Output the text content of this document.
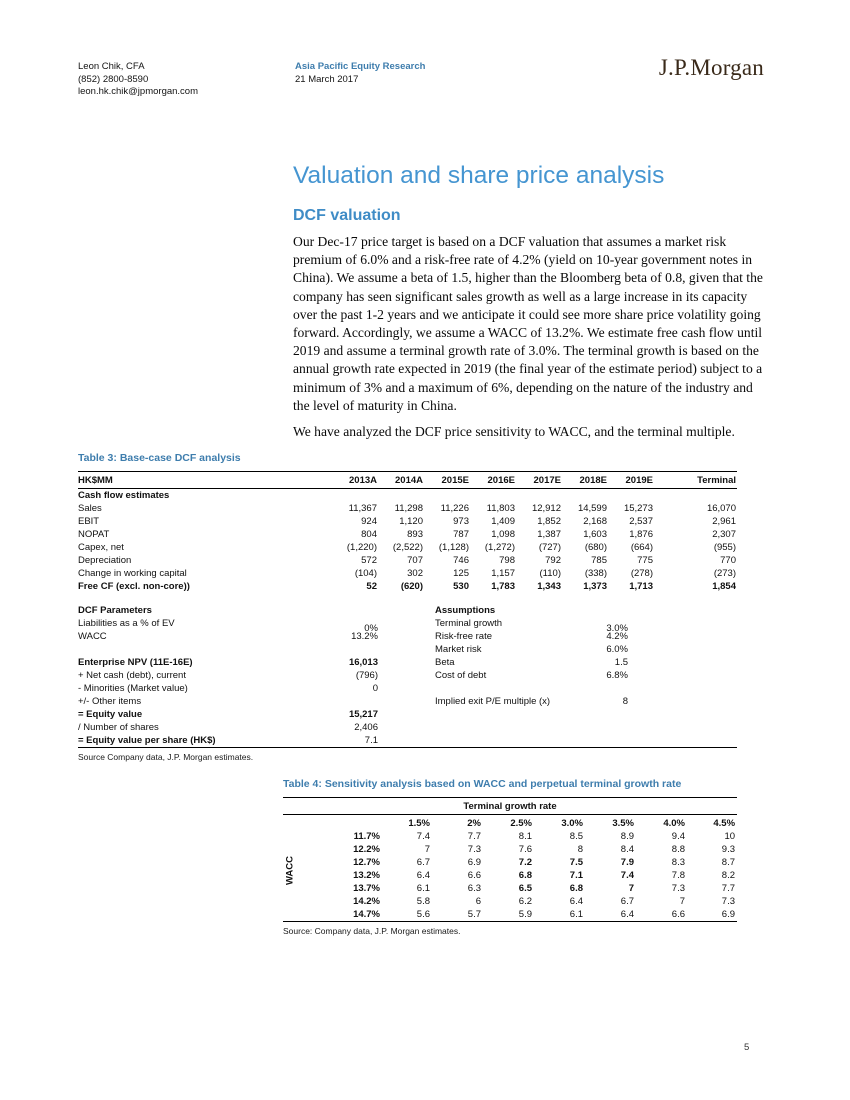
Leon Chik, CFA
(852) 2800-8590
leon.hk.chik@jpmorgan.com
Asia Pacific Equity Research
21 March 2017	J.P.Morgan
Valuation and share price analysis
DCF valuation

Our Dec-17 price target is based on a DCF valuation that assumes a market risk premium of 6.0% and a risk-free rate of 4.2% (yield on 10-year government notes in China). We assume a beta of 1.5, higher than the Bloomberg beta of 0.8, given that the company has seen significant sales growth as well as a large increase in its capacity over the past 1-2 years and we anticipate it could see more share price volatility going forward. Accordingly, we assume a WACC of 13.2%. We estimate free cash flow until 2019 and assume a terminal growth rate of 3.0%. The terminal growth is based on the annual growth rate expected in 2019 (the final year of the estimate period) subject to a minimum of 3% and a maximum of 6%, depending on the nature of the industry and the level of maturity in China.

We have analyzed the DCF price sensitivity to WACC, and the terminal multiple.

Table 3: Base-case DCF analysis
HK$MM	2013A	2014A	2015E	2016E	2017E	2018E	2019E	Terminal
Cash flow estimates								
Sales	11,367	11,298	11,226	11,803	12,912	14,599	15,273	16,070
EBIT	924	1,120	973	1,409	1,852	2,168	2,537	2,961
NOPAT	804	893	787	1,098	1,387	1,603	1,876	2,307
Capex, net	(1,220)	(2,522)	(1,128)	(1,272)	(727)	(680)	(664)	(955)
Depreciation	572	707	746	798	792	785	775	770
Change in working capital	(104)	302	125	1,157	(110)	(338)	(278)	(273)
Free CF (excl. non-core))	52	(620)	530	1,783	1,343	1,373	1,713	1,854
DCF Parameters			Assumptions		
Liabilities as a % of EV	0%		Terminal growth	3.0%	
WACC	13.2%		Risk-free rate	4.2%	
			Market risk	6.0%	
Enterprise NPV (11E-16E)	16,013		Beta	1.5	
+ Net cash (debt), current	(796)		Cost of debt	6.8%	
- Minorities (Market value)	0				
+/- Other items			Implied exit P/E multiple (x)	8	
= Equity value	15,217				
/ Number of shares	2,406				
= Equity value per share (HK$)	7.1				
Source Company data, J.P. Morgan estimates.
Table 4: Sensitivity analysis based on WACC and perpetual terminal growth rate
WACC
Terminal growth rate							
	1.5%	2%	2.5%	3.0%	3.5%	4.0%	4.5%
11.7%	7.4	7.7	8.1	8.5	8.9	9.4	10
12.2%	7	7.3	7.6	8	8.4	8.8	9.3
12.7%	6.7	6.9	7.2	7.5	7.9	8.3	8.7
13.2%	6.4	6.6	6.8	7.1	7.4	7.8	8.2
13.7%	6.1	6.3	6.5	6.8	7	7.3	7.7
14.2%	5.8	6	6.2	6.4	6.7	7	7.3
14.7%	5.6	5.7	5.9	6.1	6.4	6.6	6.9
Source: Company data, J.P. Morgan estimates.
5
